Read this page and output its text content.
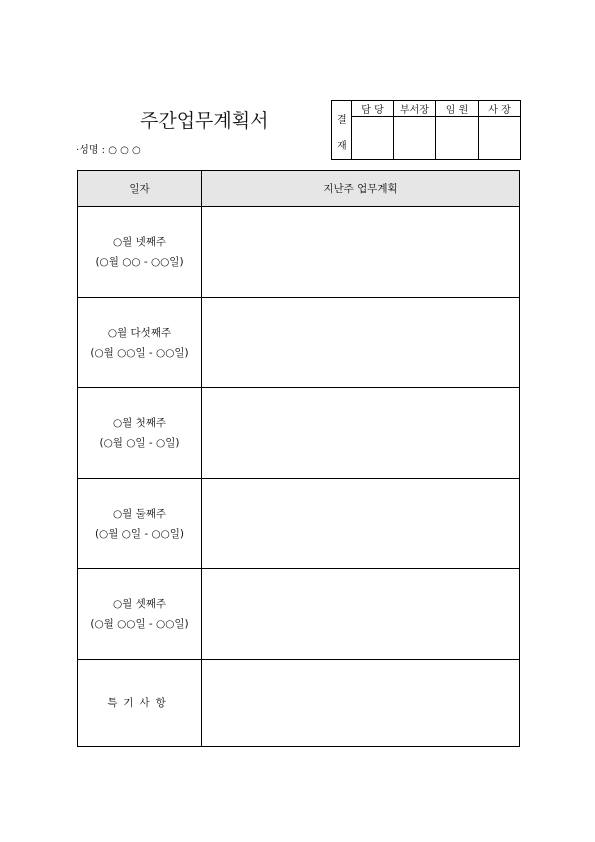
주간업무계획서
·성명 : ○ ○ ○
결
재
담 당	부서장	임 원	사 장
일자	지난주 업무계획
○월 넷째주
(○월 ○○ - ○○일)
○월 다섯째주
(○월 ○○일 - ○○일)
○월 첫째주
(○월 ○일 - ○일)
○월 둘째주
(○월 ○일 - ○○일)
○월 셋째주
(○월 ○○일 - ○○일)
특기사항
